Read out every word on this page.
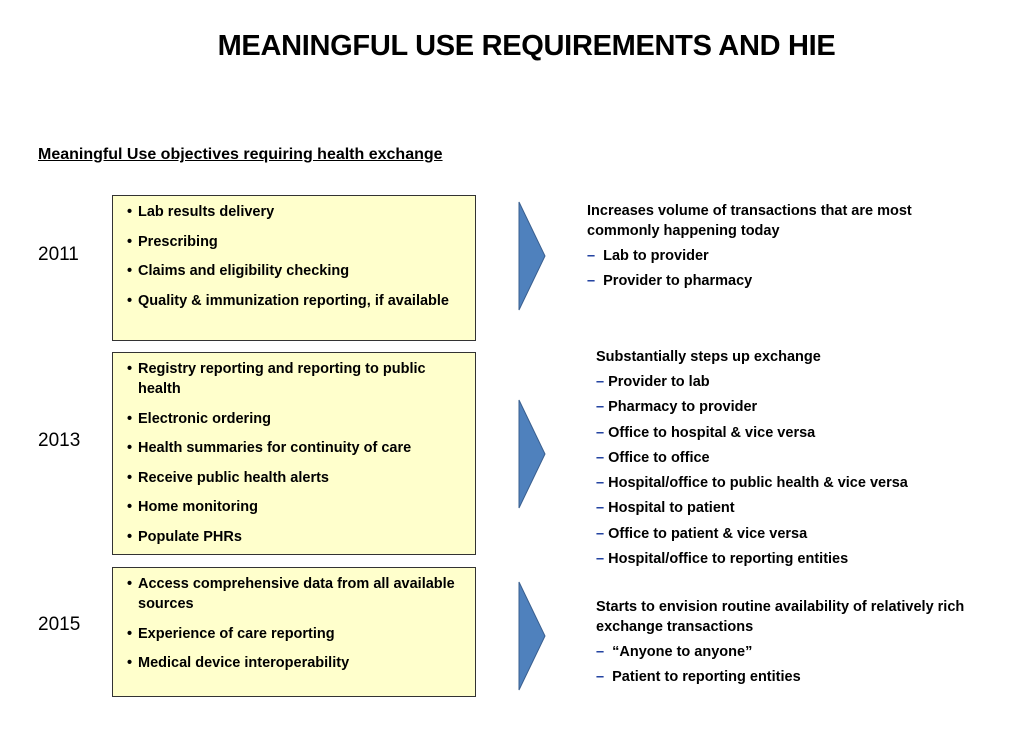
MEANINGFUL USE REQUIREMENTS AND HIE
Meaningful Use objectives requiring health exchange
2011
• Lab results delivery
• Prescribing
• Claims and eligibility checking
• Quality & immunization reporting, if available
Increases volume of transactions that are most commonly happening today
– Lab to provider
– Provider to pharmacy
2013
• Registry reporting and reporting to public health
• Electronic ordering
• Health summaries for continuity of care
• Receive public health alerts
• Home monitoring
• Populate PHRs
Substantially steps up exchange
– Provider to lab
– Pharmacy to provider
– Office to hospital & vice versa
– Office to office
– Hospital/office to public health & vice versa
– Hospital to patient
– Office to patient & vice versa
– Hospital/office to reporting entities
2015
• Access comprehensive data from all available sources
• Experience of care reporting
• Medical device interoperability
Starts to envision routine availability of relatively rich exchange transactions
– “Anyone to anyone”
– Patient to reporting entities
